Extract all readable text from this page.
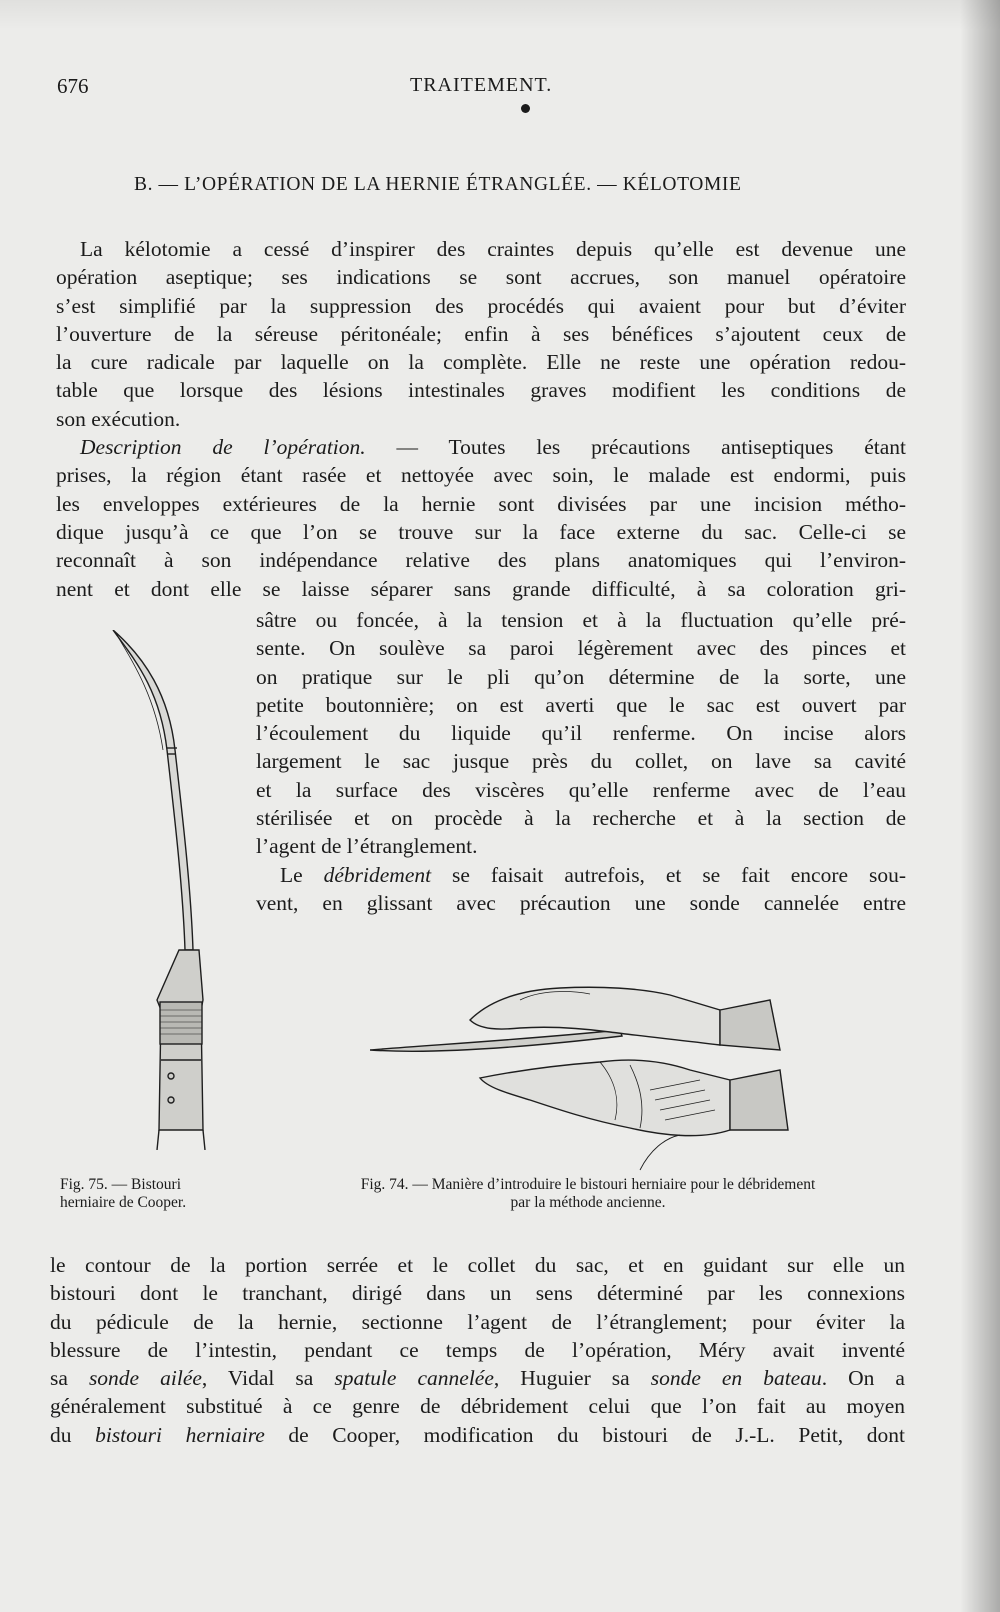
676	TRAITEMENT.
B. — L’OPÉRATION DE LA HERNIE ÉTRANGLÉE. — KÉLOTOMIE
La kélotomie a cessé d’inspirer des craintes depuis qu’elle est devenue une
opération aseptique; ses indications se sont accrues, son manuel opératoire
s’est simplifié par la suppression des procédés qui avaient pour but d’éviter
l’ouverture de la séreuse péritonéale; enfin à ses bénéfices s’ajoutent ceux de
la cure radicale par laquelle on la complète. Elle ne reste une opération redou-
table que lorsque des lésions intestinales graves modifient les conditions de
son exécution.
Description de l’opération. — Toutes les précautions antiseptiques étant
prises, la région étant rasée et nettoyée avec soin, le malade est endormi, puis
les enveloppes extérieures de la hernie sont divisées par une incision métho-
dique jusqu’à ce que l’on se trouve sur la face externe du sac. Celle-ci se
reconnaît à son indépendance relative des plans anatomiques qui l’environ-
nent et dont elle se laisse séparer sans grande difficulté, à sa coloration gri-
sâtre ou foncée, à la tension et à la fluctuation qu’elle pré-
sente. On soulève sa paroi légèrement avec des pinces et
on pratique sur le pli qu’on détermine de la sorte, une
petite boutonnière; on est averti que le sac est ouvert par
l’écoulement du liquide qu’il renferme. On incise alors
largement le sac jusque près du collet, on lave sa cavité
et la surface des viscères qu’elle renferme avec de l’eau
stérilisée et on procède à la recherche et à la section de
l’agent de l’étranglement.
Le débridement se faisait autrefois, et se fait encore sou-
vent, en glissant avec précaution une sonde cannelée entre
Fig. 75. — Bistouri
herniaire de Cooper.
Fig. 74. — Manière d’introduire le bistouri herniaire pour le débridement
par la méthode ancienne.
le contour de la portion serrée et le collet du sac, et en guidant sur elle un
bistouri dont le tranchant, dirigé dans un sens déterminé par les connexions
du pédicule de la hernie, sectionne l’agent de l’étranglement; pour éviter la
blessure de l’intestin, pendant ce temps de l’opération, Méry avait inventé
sa sonde ailée, Vidal sa spatule cannelée, Huguier sa sonde en bateau. On a
généralement substitué à ce genre de débridement celui que l’on fait au moyen
du bistouri herniaire de Cooper, modification du bistouri de J.-L. Petit, dont
